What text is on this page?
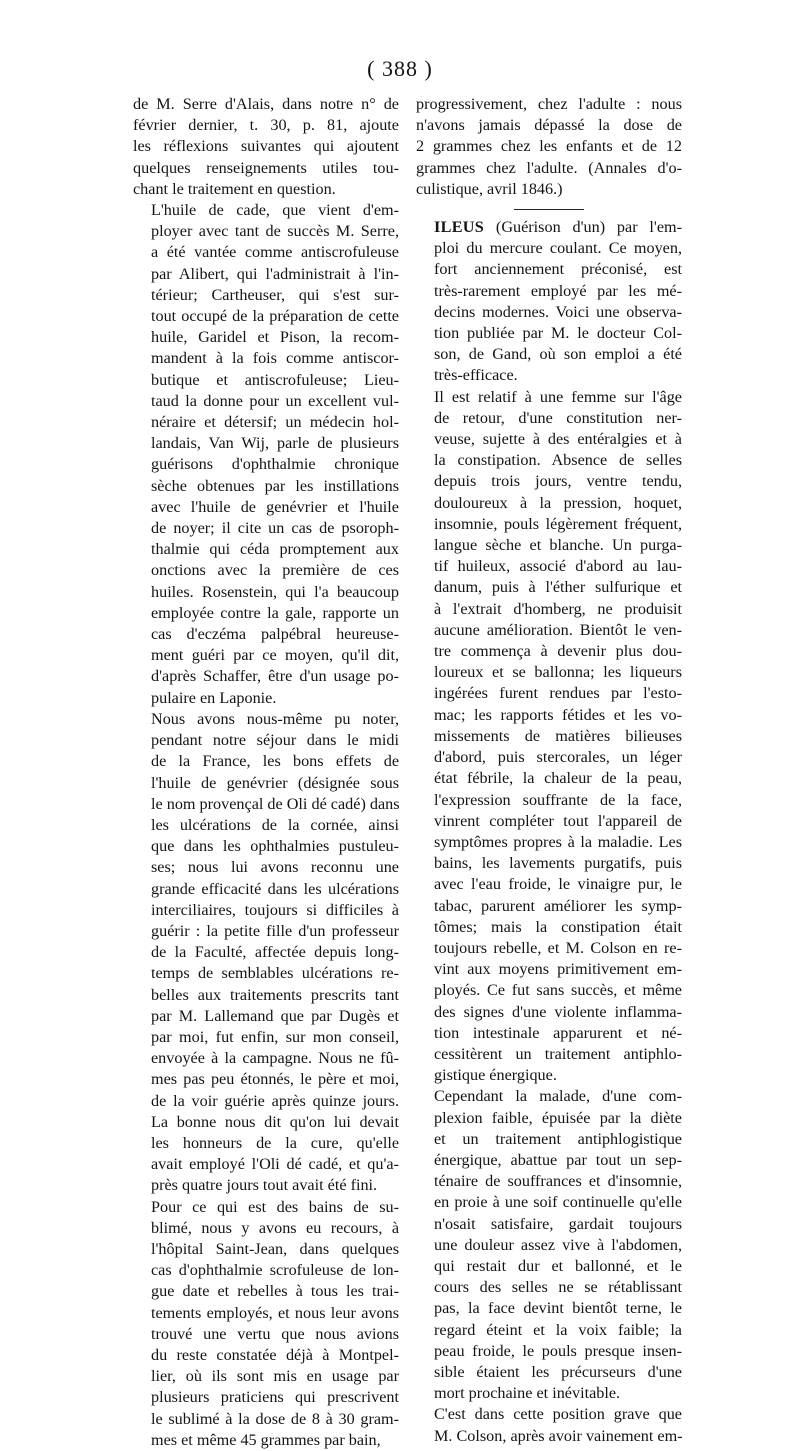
( 388 )

de M. Serre d'Alais, dans notre n° de
février dernier, t. 30, p. 81, ajoute
les réflexions suivantes qui ajoutent
quelques renseignements utiles tou-
chant le traitement en question.

L'huile de cade, que vient d'em-
ployer avec tant de succès M. Serre,
a été vantée comme antiscrofuleuse
par Alibert, qui l'administrait à l'in-
térieur; Cartheuser, qui s'est sur-
tout occupé de la préparation de cette
huile, Garidel et Pison, la recom-
mandent à la fois comme antiscor-
butique et antiscrofuleuse; Lieu-
taud la donne pour un excellent vul-
néraire et détersif; un médecin hol-
landais, Van Wij, parle de plusieurs
guérisons d'ophthalmie chronique
sèche obtenues par les instillations
avec l'huile de genévrier et l'huile
de noyer; il cite un cas de psoroph-
thalmie qui céda promptement aux
onctions avec la première de ces
huiles. Rosenstein, qui l'a beaucoup
employée contre la gale, rapporte un
cas d'eczéma palpébral heureuse-
ment guéri par ce moyen, qu'il dit,
d'après Schaffer, être d'un usage po-
pulaire en Laponie.

Nous avons nous-même pu noter,
pendant notre séjour dans le midi
de la France, les bons effets de
l'huile de genévrier (désignée sous
le nom provençal de Oli dé cadé) dans
les ulcérations de la cornée, ainsi
que dans les ophthalmies pustuleu-
ses; nous lui avons reconnu une
grande efficacité dans les ulcérations
interciliaires, toujours si difficiles à
guérir : la petite fille d'un professeur
de la Faculté, affectée depuis long-
temps de semblables ulcérations re-
belles aux traitements prescrits tant
par M. Lallemand que par Dugès et
par moi, fut enfin, sur mon conseil,
envoyée à la campagne. Nous ne fû-
mes pas peu étonnés, le père et moi,
de la voir guérie après quinze jours.
La bonne nous dit qu'on lui devait
les honneurs de la cure, qu'elle
avait employé l'Oli dé cadé, et qu'a-
près quatre jours tout avait été fini.

Pour ce qui est des bains de su-
blimé, nous y avons eu recours, à
l'hôpital Saint-Jean, dans quelques
cas d'ophthalmie scrofuleuse de lon-
gue date et rebelles à tous les trai-
tements employés, et nous leur avons
trouvé une vertu que nous avions
du reste constatée déjà à Montpel-
lier, où ils sont mis en usage par
plusieurs praticiens qui prescrivent
le sublimé à la dose de 8 à 30 gram-
mes et même 45 grammes par bain,

progressivement, chez l'adulte : nous
n'avons jamais dépassé la dose de
2 grammes chez les enfants et de 12
grammes chez l'adulte. (Annales d'o-
culistique, avril 1846.)

ILEUS (Guérison d'un) par l'em-
ploi du mercure coulant. Ce moyen,
fort anciennement préconisé, est
très-rarement employé par les mé-
decins modernes. Voici une observa-
tion publiée par M. le docteur Col-
son, de Gand, où son emploi a été
très-efficace.

Il est relatif à une femme sur l'âge
de retour, d'une constitution ner-
veuse, sujette à des entéralgies et à
la constipation. Absence de selles
depuis trois jours, ventre tendu,
douloureux à la pression, hoquet,
insomnie, pouls légèrement fréquent,
langue sèche et blanche. Un purga-
tif huileux, associé d'abord au lau-
danum, puis à l'éther sulfurique et
à l'extrait d'homberg, ne produisit
aucune amélioration. Bientôt le ven-
tre commença à devenir plus dou-
loureux et se ballonna; les liqueurs
ingérées furent rendues par l'esto-
mac; les rapports fétides et les vo-
missements de matières bilieuses
d'abord, puis stercorales, un léger
état fébrile, la chaleur de la peau,
l'expression souffrante de la face,
vinrent compléter tout l'appareil de
symptômes propres à la maladie. Les
bains, les lavements purgatifs, puis
avec l'eau froide, le vinaigre pur, le
tabac, parurent améliorer les symp-
tômes; mais la constipation était
toujours rebelle, et M. Colson en re-
vint aux moyens primitivement em-
ployés. Ce fut sans succès, et même
des signes d'une violente inflamma-
tion intestinale apparurent et né-
cessitèrent un traitement antiphlo-
gistique énergique.

Cependant la malade, d'une com-
plexion faible, épuisée par la diète
et un traitement antiphlogistique
énergique, abattue par tout un sep-
ténaire de souffrances et d'insomnie,
en proie à une soif continuelle qu'elle
n'osait satisfaire, gardait toujours
une douleur assez vive à l'abdomen,
qui restait dur et ballonné, et le
cours des selles ne se rétablissant
pas, la face devint bientôt terne, le
regard éteint et la voix faible; la
peau froide, le pouls presque insen-
sible étaient les précurseurs d'une
mort prochaine et inévitable.

C'est dans cette position grave que
M. Colson, après avoir vainement em-
